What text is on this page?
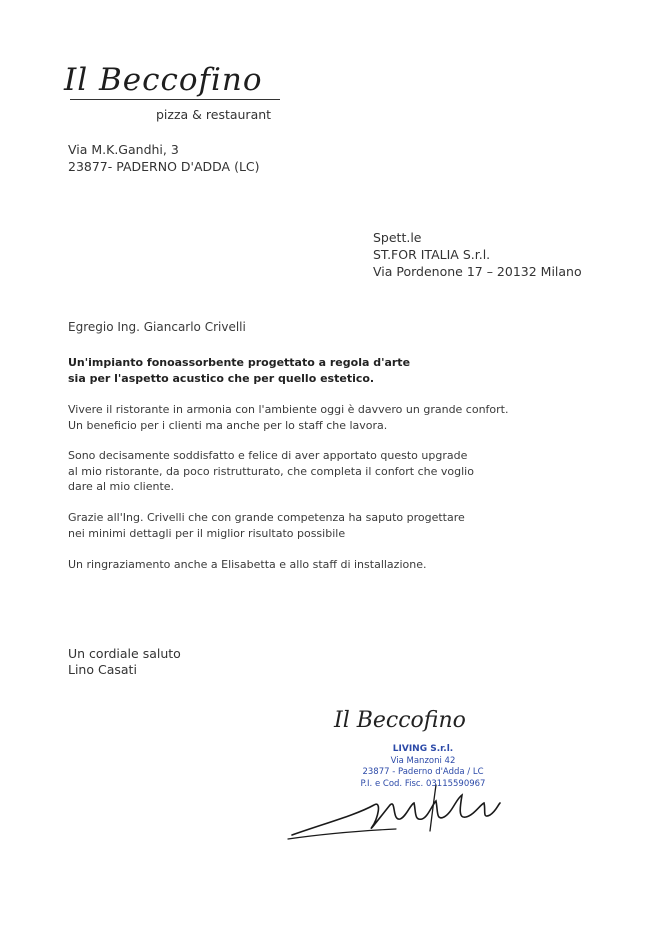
Il Beccofino
pizza & restaurant
Via M.K.Gandhi, 3
23877- PADERNO D'ADDA (LC)
Spett.le
ST.FOR ITALIA S.r.l.
Via Pordenone 17 – 20132 Milano
Egregio Ing. Giancarlo Crivelli
Un'impianto fonoassorbente progettato a regola d'arte
sia per l'aspetto acustico che per quello estetico.
Vivere il ristorante in armonia con l'ambiente oggi è davvero un grande confort.
Un beneficio per i clienti ma anche per lo staff che lavora.
Sono decisamente soddisfatto e felice di aver apportato questo upgrade
al mio ristorante, da poco ristrutturato, che completa il confort che voglio
dare al mio cliente.
Grazie all'Ing. Crivelli che con grande competenza ha saputo progettare
nei minimi dettagli per il miglior risultato possibile
Un ringraziamento anche a Elisabetta e allo staff di installazione.
Un cordiale saluto
Lino Casati
Il Beccofino
LIVING S.r.l.
Via Manzoni 42
23877 - Paderno d'Adda / LC
P.I. e Cod. Fisc. 03115590967
